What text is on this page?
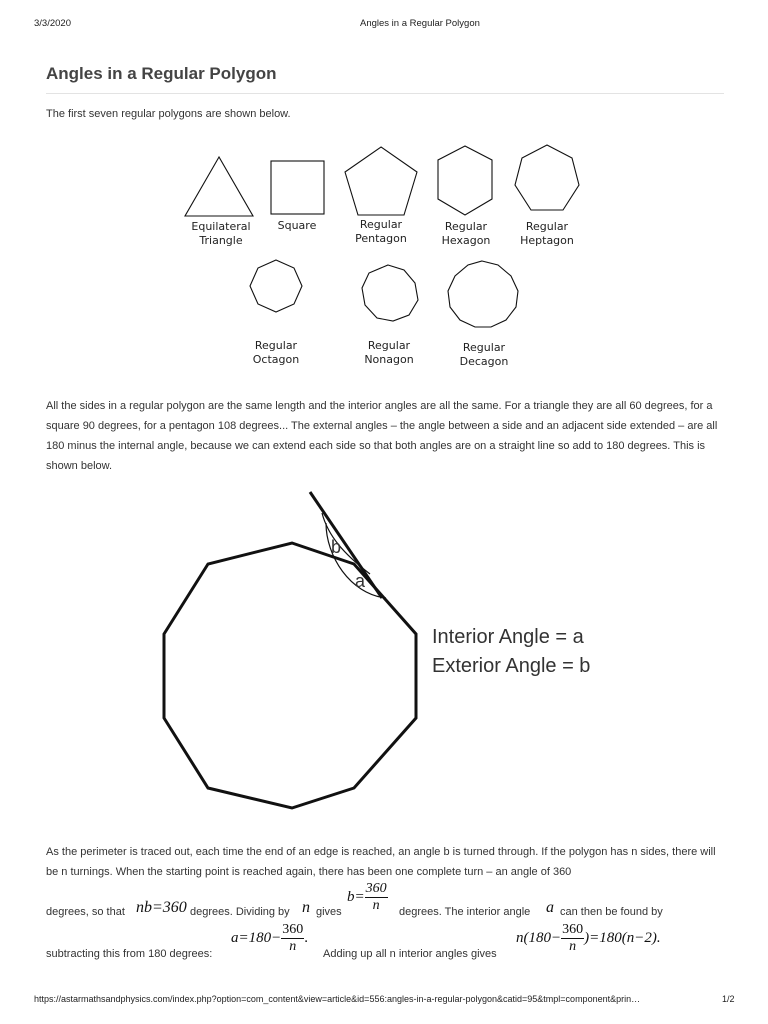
3/3/2020	Angles in a Regular Polygon
Angles in a Regular Polygon

The first seven regular polygons are shown below.

Equilateral
Triangle
Square	Regular
Pentagon
Regular
Hexagon
Regular
Heptagon
Regular
Octagon
Regular
Nonagon
Regular
Decagon

All the sides in a regular polygon are the same length and the interior angles are all the same. For a triangle they are all 60 degrees, for a square 90 degrees, for a pentagon 108 degrees... The external angles – the angle between a side and an adjacent side extended – are all 180 minus the internal angle, because we can extend each side so that both angles are on a straight line so add to 180 degrees. This is shown below.

b
a
Interior Angle = a
Exterior Angle = b

As the perimeter is traced out, each time the end of an edge is reached, an angle b is turned through. If the polygon has n sides, there will be n turnings. When the starting point is reached again, there has been one complete turn – an angle of 360

degrees, so that nb=360 degrees. Dividing by n gives
$b= \frac{360}{n}$ degrees. The interior angle a can then be found by
subtracting this from 180 degrees:
$a=180- \frac{360}{n}$ .
Adding up all n interior angles gives
$n(180- \frac{360}{n} )=180(n-2)$.
https://astarmathsandphysics.com/index.php?option=com_content&view=article&id=556:angles-in-a-regular-polygon&catid=95&tmpl=component&prin…	1/2
